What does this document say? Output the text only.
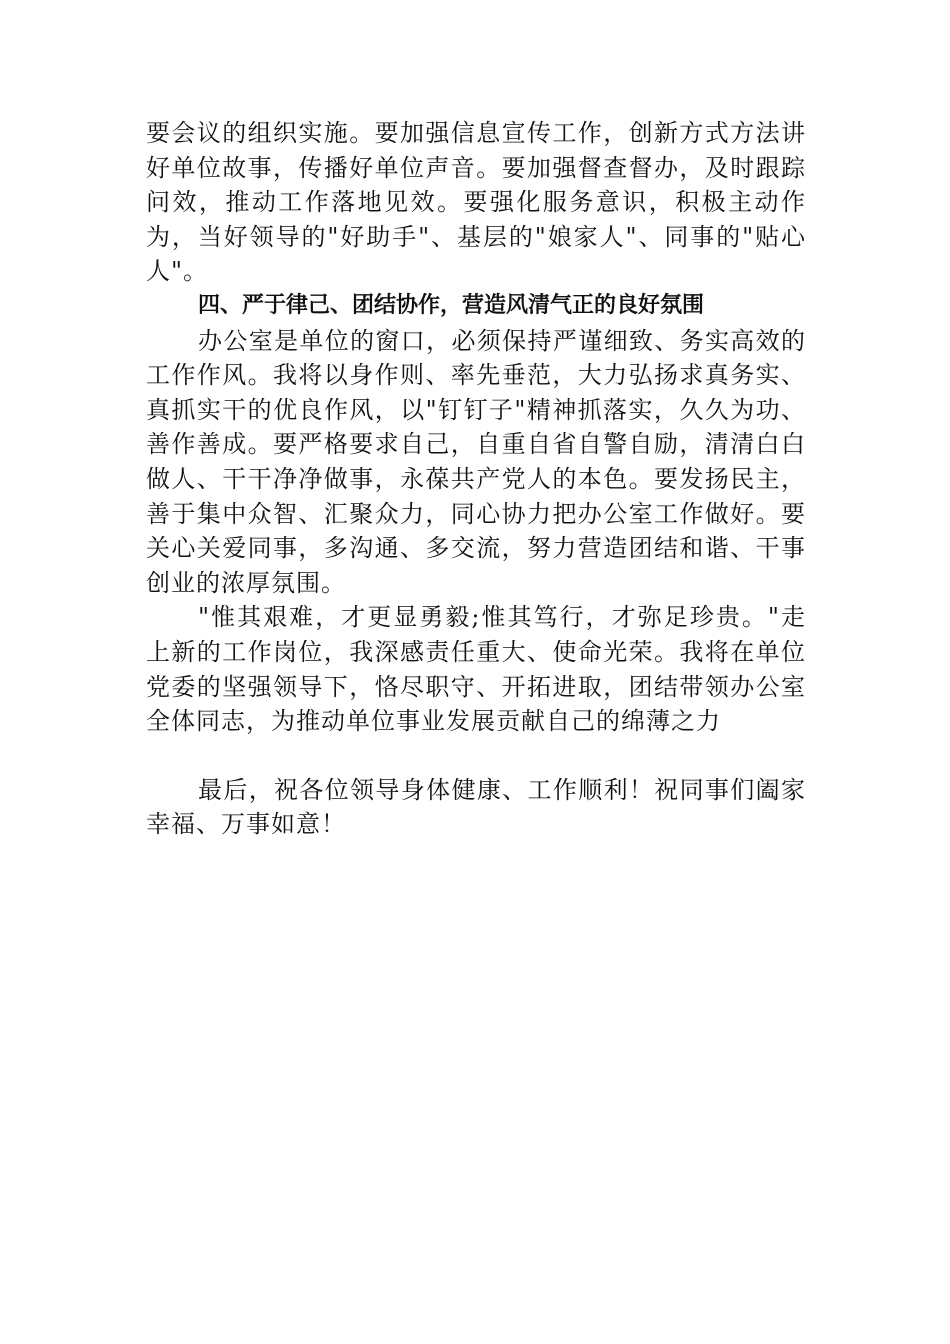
要会议的组织实施。要加强信息宣传工作，创新方式方法讲好单位故事，传播好单位声音。要加强督查督办，及时跟踪问效，推动工作落地见效。要强化服务意识，积极主动作为，当好领导的"好助手"、基层的"娘家人"、同事的"贴心人"。

四、严于律己、团结协作，营造风清气正的良好氛围

办公室是单位的窗口，必须保持严谨细致、务实高效的工作作风。我将以身作则、率先垂范，大力弘扬求真务实、真抓实干的优良作风，以"钉钉子"精神抓落实，久久为功、善作善成。要严格要求自己，自重自省自警自励，清清白白做人、干干净净做事，永葆共产党人的本色。要发扬民主，善于集中众智、汇聚众力，同心协力把办公室工作做好。要关心关爱同事，多沟通、多交流，努力营造团结和谐、干事创业的浓厚氛围。

"惟其艰难，才更显勇毅;惟其笃行，才弥足珍贵。"走上新的工作岗位，我深感责任重大、使命光荣。我将在单位党委的坚强领导下，恪尽职守、开拓进取，团结带领办公室全体同志，为推动单位事业发展贡献自己的绵薄之力

最后，祝各位领导身体健康、工作顺利！祝同事们阖家幸福、万事如意！
